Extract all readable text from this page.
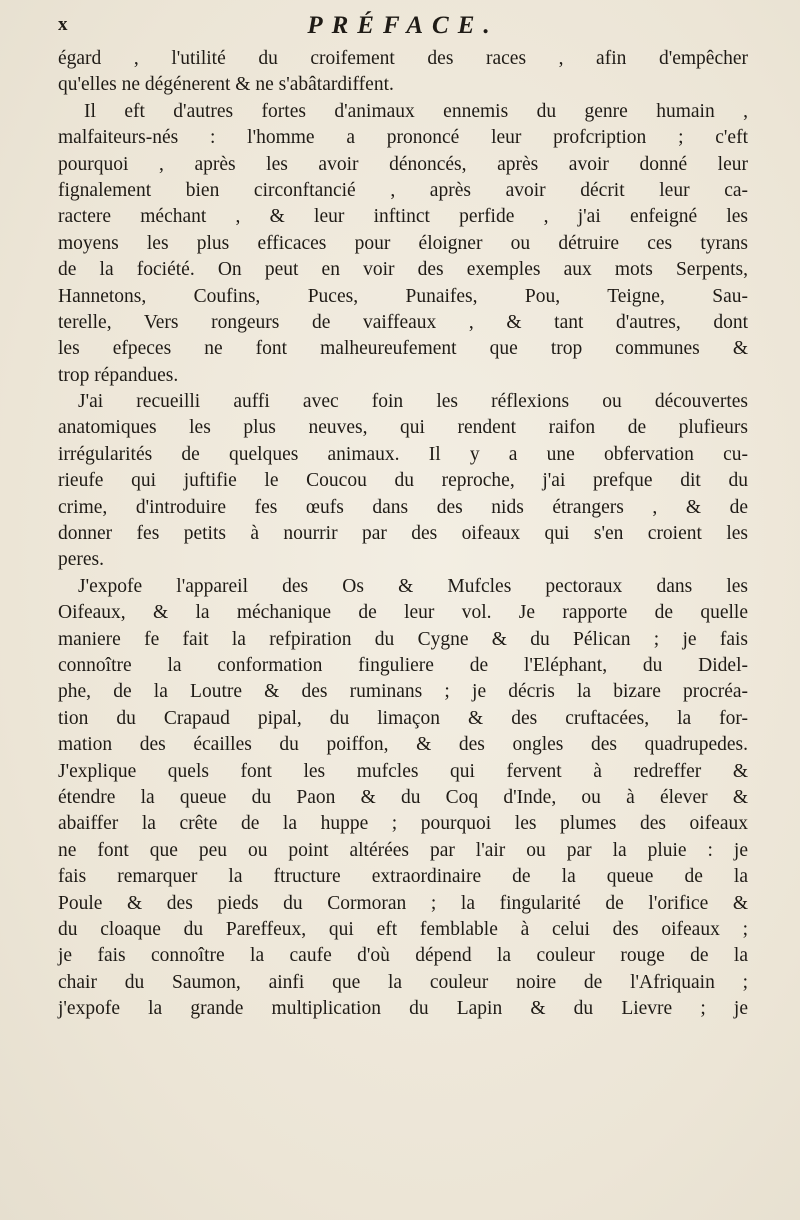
x	PRÉFACE.
égard , l'utilité du croifement des races , afin d'empêcher
qu'elles ne dégénerent & ne s'abâtardiffent.
Il eft d'autres fortes d'animaux ennemis du genre humain ,
malfaiteurs-nés : l'homme a prononcé leur profcription ; c'eft
pourquoi , après les avoir dénoncés, après avoir donné leur
fignalement bien circonftancié , après avoir décrit leur ca-
ractere méchant , & leur inftinct perfide , j'ai enfeigné les
moyens les plus efficaces pour éloigner ou détruire ces tyrans
de la fociété. On peut en voir des exemples aux mots Serpents,
Hannetons, Coufins, Puces, Punaifes, Pou, Teigne, Sau-
terelle, Vers rongeurs de vaiffeaux , & tant d'autres, dont
les efpeces ne font malheureufement que trop communes &
trop répandues.
J'ai recueilli auffi avec foin les réflexions ou découvertes
anatomiques les plus neuves, qui rendent raifon de plufieurs
irrégularités de quelques animaux. Il y a une obfervation cu-
rieufe qui juftifie le Coucou du reproche, j'ai prefque dit du
crime, d'introduire fes œufs dans des nids étrangers , & de
donner fes petits à nourrir par des oifeaux qui s'en croient les
peres.
J'expofe l'appareil des Os & Mufcles pectoraux dans les
Oifeaux, & la méchanique de leur vol. Je rapporte de quelle
maniere fe fait la refpiration du Cygne & du Pélican ; je fais
connoître la conformation finguliere de l'Eléphant, du Didel-
phe, de la Loutre & des ruminans ; je décris la bizare procréa-
tion du Crapaud pipal, du limaçon & des cruftacées, la for-
mation des écailles du poiffon, & des ongles des quadrupedes.
J'explique quels font les mufcles qui fervent à redreffer &
étendre la queue du Paon & du Coq d'Inde, ou à élever &
abaiffer la crête de la huppe ; pourquoi les plumes des oifeaux
ne font que peu ou point altérées par l'air ou par la pluie : je
fais remarquer la ftructure extraordinaire de la queue de la
Poule & des pieds du Cormoran ; la fingularité de l'orifice &
du cloaque du Pareffeux, qui eft femblable à celui des oifeaux ;
je fais connoître la caufe d'où dépend la couleur rouge de la
chair du Saumon, ainfi que la couleur noire de l'Afriquain ;
j'expofe la grande multiplication du Lapin & du Lievre ; je
